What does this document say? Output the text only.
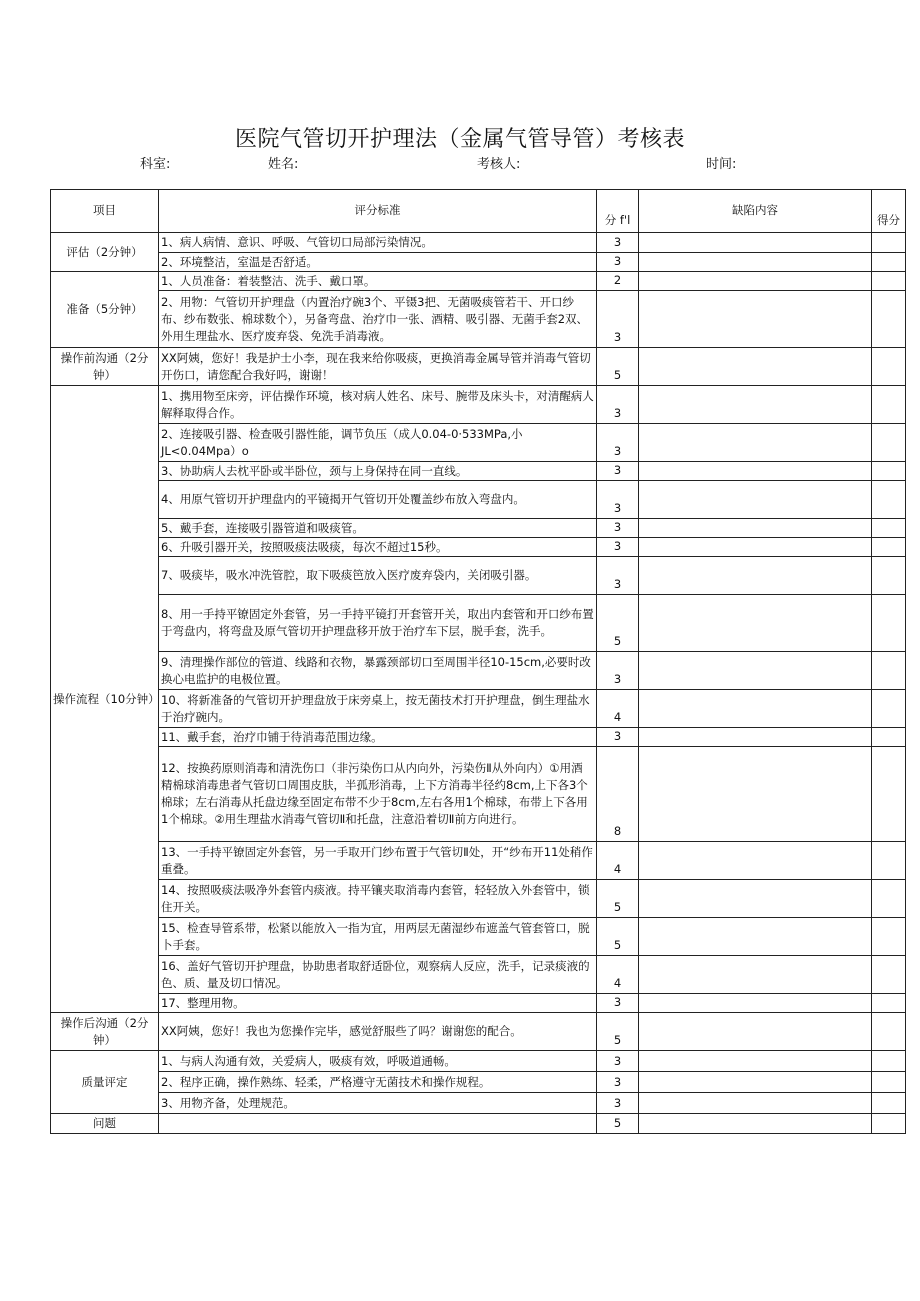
医院气管切开护理法（金属气管导管）考核表
科室:	姓名:	考核人:	时间:
项目	评分标准	分 f'l	缺陷内容	得分
评估（2分钟）	1、病人病情、意识、呼吸、气管切口局部污染情况。	3		
	2、环境整洁，室温是否舒适。	3		
准备（5分钟）	1、人员准备：着装整洁、洗手、戴口罩。	2		
	2、用物：气管切开护理盘（内置治疗碗3个、平镊3把、无菌吸痰管若干、开口纱布、纱布数张、棉球数个），另备弯盘、治疗巾一张、酒精、吸引器、无菌手套2双、外用生理盐水、医疗废弃袋、免洗手消毒液。	3		
操作前沟通（2分钟）	XX阿姨，您好！我是护士小李，现在我来给你吸痰，更换消毒金属导管并消毒气管切开伤口，请您配合我好吗，谢谢！	5		
操作流程（10分钟）	1、携用物至床旁，评估操作环境，核对病人姓名、床号、腕带及床头卡，对清醒病人解释取得合作。	3		
	2、连接吸引器、检查吸引器性能，调节负压（成人0.04-0·533MPa,小JL<0.04Mpa）o	3		
	3、协助病人去枕平卧或半卧位，颈与上身保持在同一直线。	3		
	4、用原气管切开护理盘内的平镜揭开气管切开处覆盖纱布放入弯盘内。	3		
	5、戴手套，连接吸引器管道和吸痰管。	3		
	6、升吸引器开关，按照吸痰法吸痰，每次不超过15秒。	3		
	7、吸痰毕，吸水冲洗管腔，取下吸痰笆放入医疗废弃袋内，关闭吸引器。	3		
	8、用一手持平镣固定外套管，另一手持平镜打开套管开关，取出内套管和开口纱布置于弯盘内，将弯盘及原气管切开护理盘移开放于治疗车下层，脱手套，洗手。	5		
	9、清理操作部位的管道、线路和衣物，暴露颈部切口至周围半径10-15cm,必要时改换心电监护的电极位置。	3		
	10、将新准备的气管切开护理盘放于床旁桌上，按无菌技术打开护理盘，倒生理盐水于治疗碗内。	4		
	11、戴手套，治疗巾铺于待消毒范围边缘。	3		
	12、按换药原则消毒和清洗伤口（非污染伤口从内向外，污染伤Ⅱ从外向内）①用酒精棉球消毒患者气管切口周围皮肤，半孤形消毒，上下方消毒半径约8cm,上下各3个棉球；左右消毒从托盘边缘至固定布带不少于8cm,左右各用1个棉球，布带上下各用1个棉球。②用生理盐水消毒气管切Ⅱ和托盘，注意沿着切Ⅱ前方向进行。	8		
	13、一手持平镣固定外套管，另一手取开门纱布置于气管切Ⅱ处，开“纱布开11处稍作重叠。	4		
	14、按照吸痰法吸净外套管内痰液。持平镶夹取消毒内套管，轻轻放入外套管中，锁住开关。	5		
	15、检查导管系带，松紧以能放入一指为宜，用两层无菌湿纱布遮盖气管套管口，脱卜手套。	5		
	16、盖好气管切开护理盘，协助患者取舒适卧位，观察病人反应，洗手，记录痰液的色、质、量及切口情况。	4		
	17、整理用物。	3		
操作后沟通（2分钟）	XX阿姨，您好！我也为您操作完毕，感觉舒服些了吗？谢谢您的配合。	5		
质量评定	1、与病人沟通有效，关爱病人，吸痰有效，呼吸道通畅。	3		
	2、程序正确，操作熟练、轻柔，严格遵守无菌技术和操作规程。	3		
	3、用物齐备，处理规范。	3		
问题		5		
